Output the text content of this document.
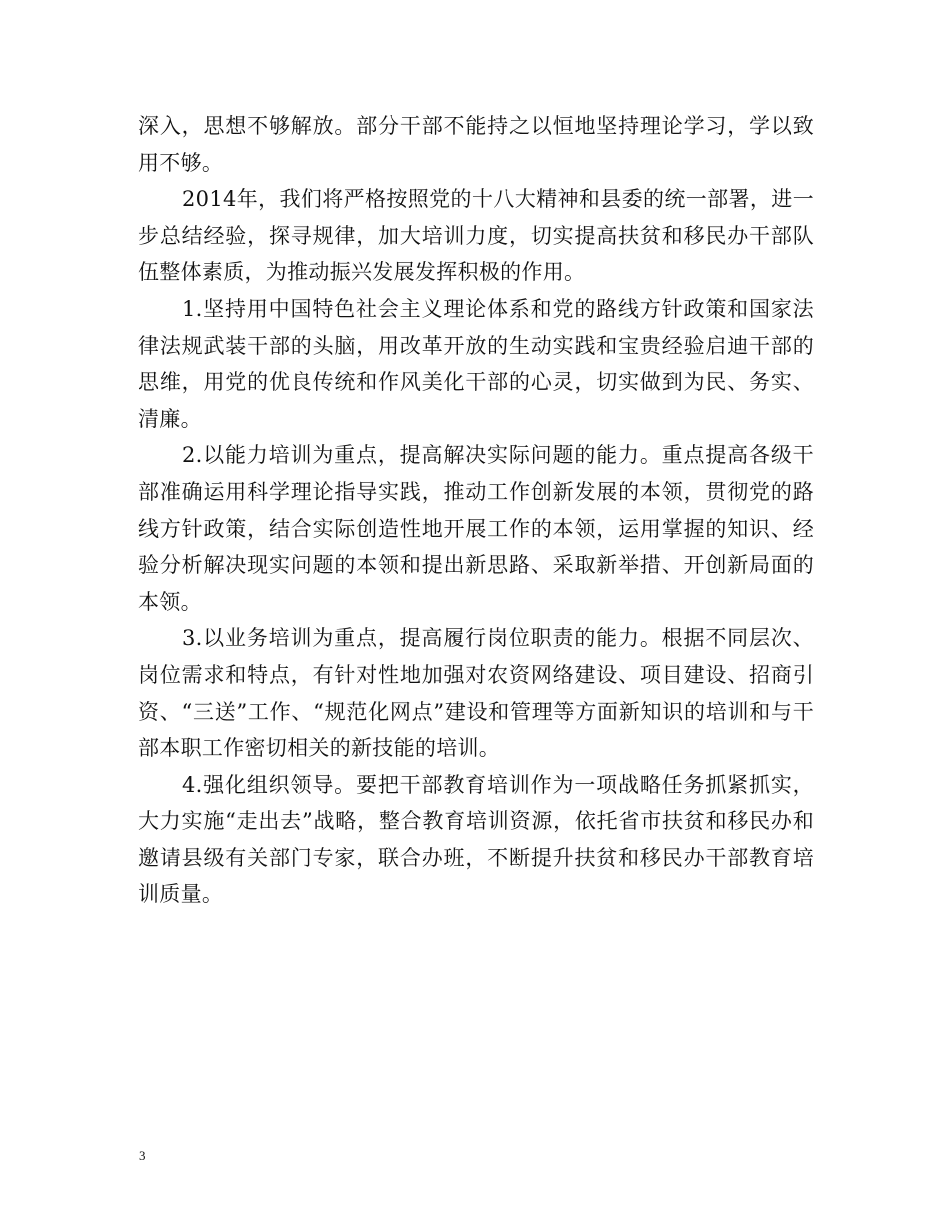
深入，思想不够解放。部分干部不能持之以恒地坚持理论学习，学以致用不够。

2014年，我们将严格按照党的十八大精神和县委的统一部署，进一步总结经验，探寻规律，加大培训力度，切实提高扶贫和移民办干部队伍整体素质，为推动振兴发展发挥积极的作用。

1.坚持用中国特色社会主义理论体系和党的路线方针政策和国家法律法规武装干部的头脑，用改革开放的生动实践和宝贵经验启迪干部的思维，用党的优良传统和作风美化干部的心灵，切实做到为民、务实、清廉。

2.以能力培训为重点，提高解决实际问题的能力。重点提高各级干部准确运用科学理论指导实践，推动工作创新发展的本领，贯彻党的路线方针政策，结合实际创造性地开展工作的本领，运用掌握的知识、经验分析解决现实问题的本领和提出新思路、采取新举措、开创新局面的本领。

3.以业务培训为重点，提高履行岗位职责的能力。根据不同层次、岗位需求和特点，有针对性地加强对农资网络建设、项目建设、招商引资、“三送”工作、“规范化网点”建设和管理等方面新知识的培训和与干部本职工作密切相关的新技能的培训。

4.强化组织领导。要把干部教育培训作为一项战略任务抓紧抓实，大力实施“走出去”战略，整合教育培训资源，依托省市扶贫和移民办和邀请县级有关部门专家，联合办班，不断提升扶贫和移民办干部教育培训质量。

3
